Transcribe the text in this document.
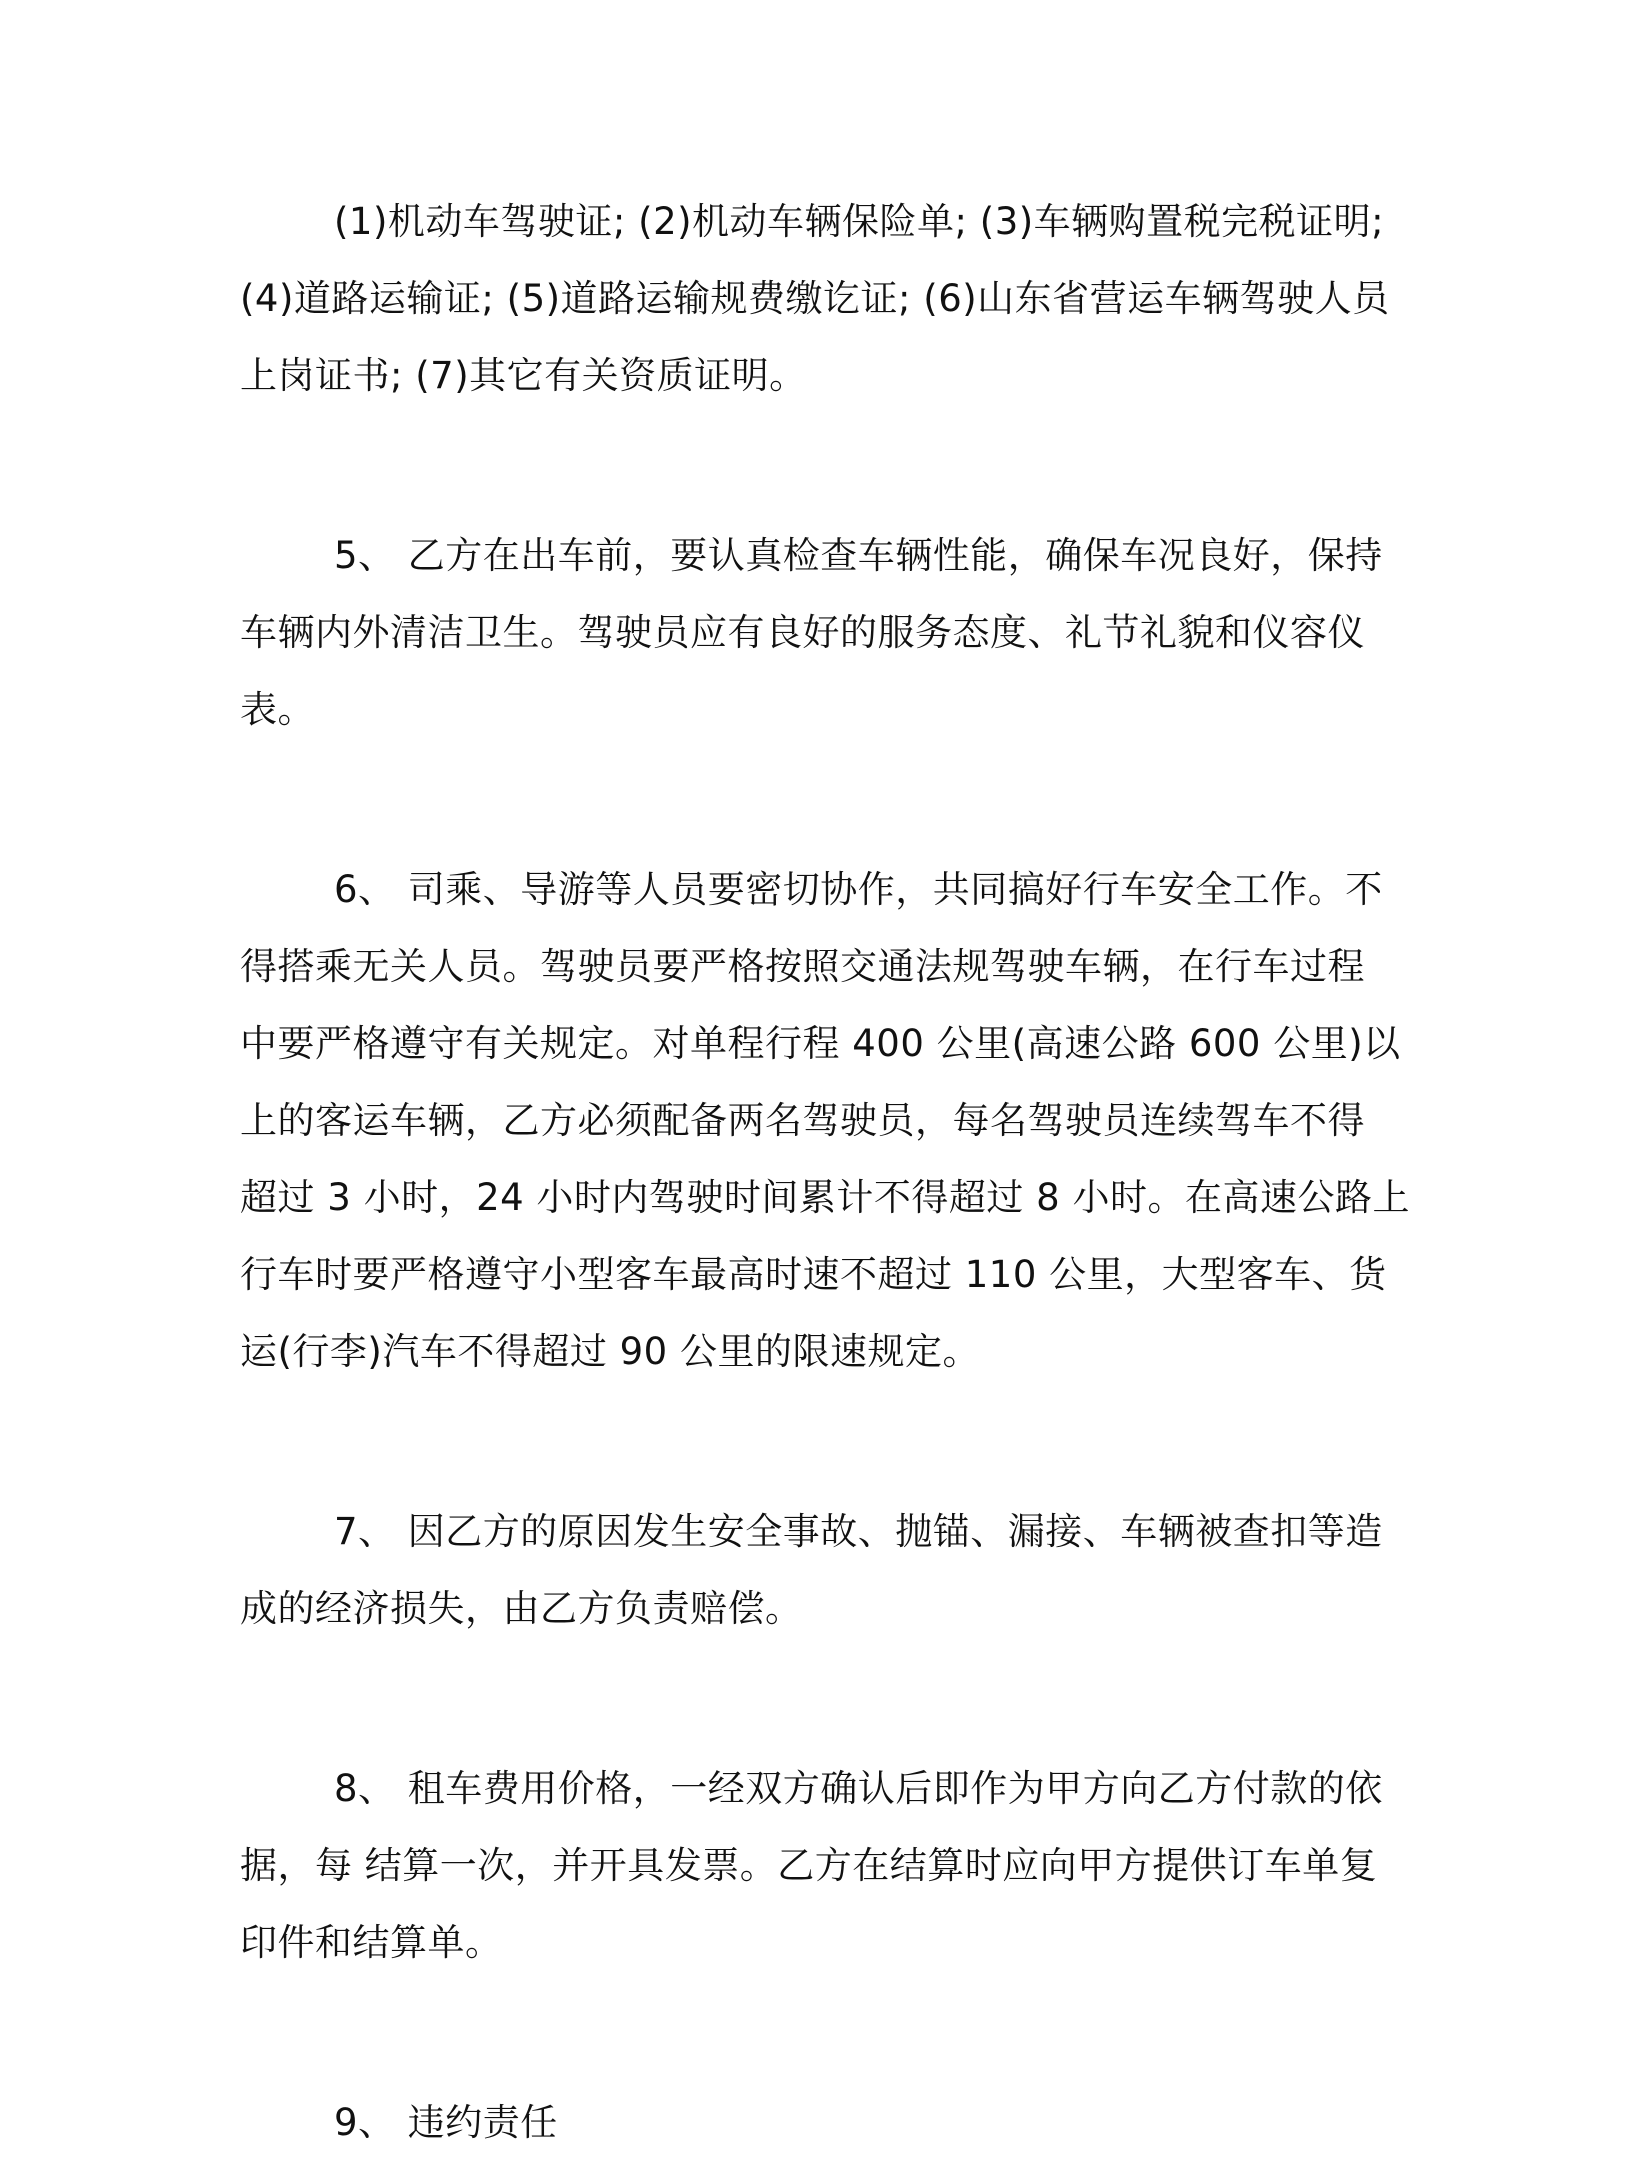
(1)机动车驾驶证; (2)机动车辆保险单; (3)车辆购置税完税证明;
(4)道路运输证; (5)道路运输规费缴讫证; (6)山东省营运车辆驾驶人员
上岗证书; (7)其它有关资质证明。

5、 乙方在出车前，要认真检查车辆性能，确保车况良好，保持
车辆内外清洁卫生。驾驶员应有良好的服务态度、礼节礼貌和仪容仪
表。

6、 司乘、导游等人员要密切协作，共同搞好行车安全工作。不
得搭乘无关人员。驾驶员要严格按照交通法规驾驶车辆，在行车过程
中要严格遵守有关规定。对单程行程 400 公里(高速公路 600 公里)以
上的客运车辆，乙方必须配备两名驾驶员，每名驾驶员连续驾车不得
超过 3 小时，24 小时内驾驶时间累计不得超过 8 小时。在高速公路上
行车时要严格遵守小型客车最高时速不超过 110 公里，大型客车、货
运(行李)汽车不得超过 90 公里的限速规定。

7、 因乙方的原因发生安全事故、抛锚、漏接、车辆被查扣等造
成的经济损失，由乙方负责赔偿。

8、 租车费用价格，一经双方确认后即作为甲方向乙方付款的依
据，每 结算一次，并开具发票。乙方在结算时应向甲方提供订车单复
印件和结算单。

9、 违约责任
